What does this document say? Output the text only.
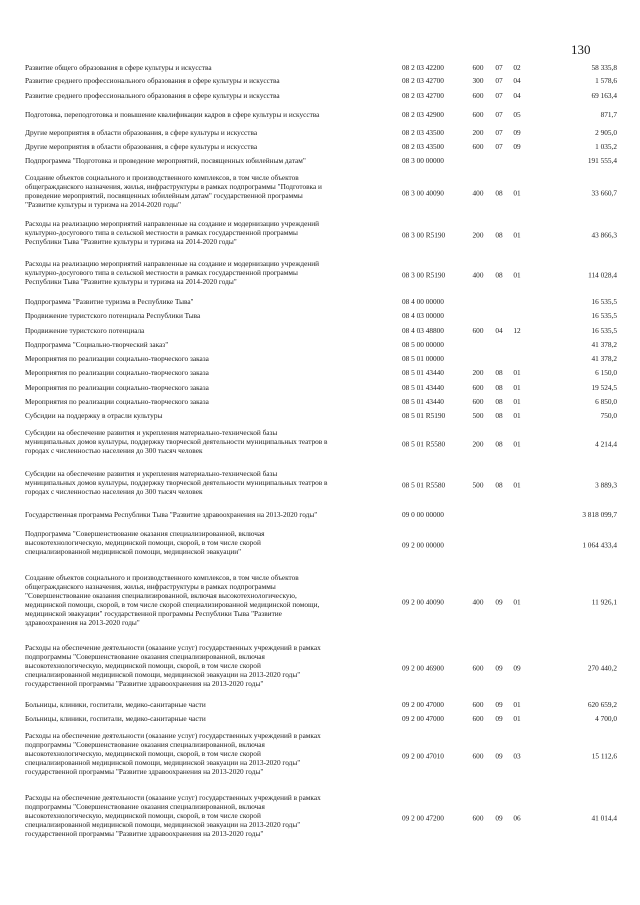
130
Развитие общего образования в сфере культуры и искусства	08 2 03 42200	600	07	02	58 335,8
Развитие среднего профессионального образования в сфере культуры и искусства	08 2 03 42700	300	07	04	1 578,6
Развитие среднего профессионального образования в сфере культуры и искусства	08 2 03 42700	600	07	04	69 163,4
Подготовка, переподготовка и повышение квалификации кадров в сфере культуры и искусства	08 2 03 42900	600	07	05	871,7
Другие мероприятия в области образования, в сфере культуры и искусства	08 2 03 43500	200	07	09	2 905,0
Другие мероприятия в области образования, в сфере культуры и искусства	08 2 03 43500	600	07	09	1 035,2
Подпрограмма "Подготовка и проведение мероприятий, посвященных юбилейным датам"	08 3 00 00000	191 555,4
Создание объектов социального и производственного комплексов, в том числе объектов
общегражданского назначения, жилья, инфраструктуры в рамках подпрограммы "Подготовка и
проведение мероприятий, посвященных юбилейным датам" государственной программы
"Развитие культуры и туризма на 2014-2020 годы"
08 3 00 40090	400	08	01	33 660,7
Расходы на реализацию мероприятий направленные на создание и модернизацию учреждений
культурно-досугового типа в сельской местности в рамках государственной программы
Республики Тыва "Развитие культуры и туризма на 2014-2020 годы"
08 3 00 R5190	200	08	01	43 866,3
Расходы на реализацию мероприятий направленные на создание и модернизацию учреждений
культурно-досугового типа в сельской местности в рамках государственной программы
Республики Тыва "Развитие культуры и туризма на 2014-2020 годы"
08 3 00 R5190	400	08	01	114 028,4
Подпрограмма "Развитие туризма в Республике Тыва"	08 4 00 00000	16 535,5
Продвижение туристского потенциала Республики Тыва	08 4 03 00000	16 535,5
Продвижение туристского потенциала	08 4 03 48800	600	04	12	16 535,5
Подпрограмма "Социально-творческий заказ"	08 5 00 00000	41 378,2
Мероприятия по реализации социально-творческого заказа	08 5 01 00000	41 378,2
Мероприятия по реализации социально-творческого заказа	08 5 01 43440	200	08	01	6 150,0
Мероприятия по реализации социально-творческого заказа	08 5 01 43440	600	08	01	19 524,5
Мероприятия по реализации социально-творческого заказа	08 5 01 43440	600	08	01	6 850,0
Субсидии на поддержку в отрасли культуры	08 5 01 R5190	500	08	01	750,0
Субсидии на обеспечение развития и укрепления материально-технической базы
муниципальных домов культуры, поддержку творческой деятельности муниципальных театров в
городах с численностью населения до 300 тысяч человек
08 5 01 R5580	200	08	01	4 214,4
Субсидии на обеспечение развития и укрепления материально-технической базы
муниципальных домов культуры, поддержку творческой деятельности муниципальных театров в
городах с численностью населения до 300 тысяч человек
08 5 01 R5580	500	08	01	3 889,3
Государственная программа Республики Тыва "Развитие здравоохранения на 2013-2020 годы"	09 0 00 00000	3 818 099,7
Подпрограмма "Совершенствование оказания специализированной, включая
высокотехнологическую, медицинской помощи, скорой, в том числе скорой
специализированной медицинской помощи, медицинской эвакуации"
09 2 00 00000	1 064 433,4
Создание объектов социального и производственного комплексов, в том числе объектов
общегражданского назначения, жилья, инфраструктуры в рамках подпрограммы
"Совершенствование оказания специализированной, включая высокотехнологическую,
медицинской помощи, скорой, в том числе скорой специализированной медицинской помощи,
медицинской эвакуации" государственной программы Республики Тыва "Развитие
здравоохранения на 2013-2020 годы"
09 2 00 40090	400	09	01	11 926,1
Расходы на обеспечение деятельности (оказание услуг) государственных учреждений в рамках
подпрограммы "Совершенствование оказания специализированной, включая
высокотехнологическую, медицинской помощи, скорой, в том числе скорой
специализированной медицинской помощи, медицинской эвакуации на 2013-2020 годы"
государственной программы "Развитие здравоохранения на 2013-2020 годы"
09 2 00 46900	600	09	09	270 440,2
Больницы, клиники, госпитали, медико-санитарные части	09 2 00 47000	600	09	01	620 659,2
Больницы, клиники, госпитали, медико-санитарные части	09 2 00 47000	600	09	01	4 700,0
Расходы на обеспечение деятельности (оказание услуг) государственных учреждений в рамках
подпрограммы "Совершенствование оказания специализированной, включая
высокотехнологическую, медицинской помощи, скорой, в том числе скорой
специализированной медицинской помощи, медицинской эвакуации на 2013-2020 годы"
государственной программы "Развитие здравоохранения на 2013-2020 годы"
09 2 00 47010	600	09	03	15 112,6
Расходы на обеспечение деятельности (оказание услуг) государственных учреждений в рамках
подпрограммы "Совершенствование оказания специализированной, включая
высокотехнологическую, медицинской помощи, скорой, в том числе скорой
специализированной медицинской помощи, медицинской эвакуации на 2013-2020 годы"
государственной программы "Развитие здравоохранения на 2013-2020 годы"
09 2 00 47200	600	09	06	41 014,4
